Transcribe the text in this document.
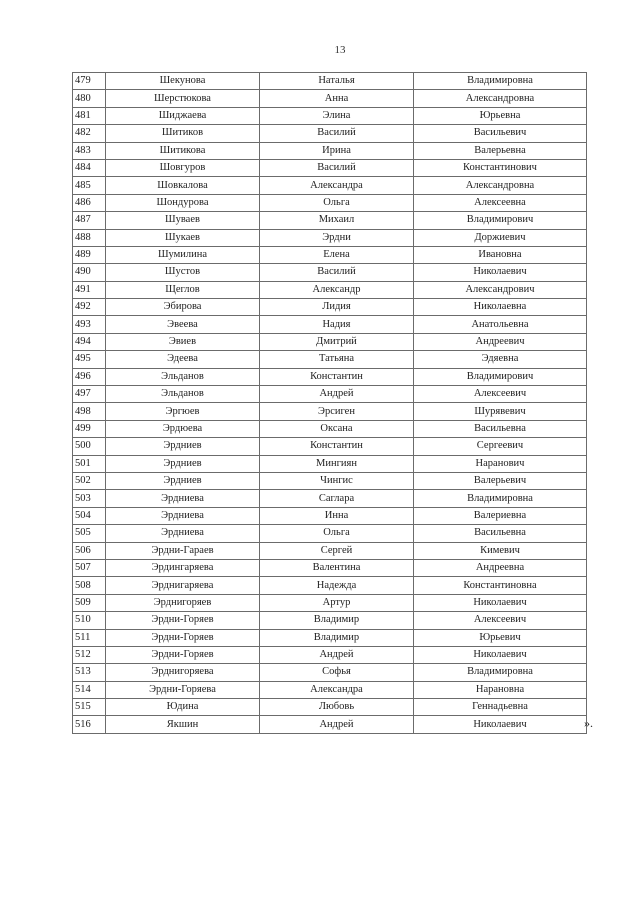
13
479	Шекунова	Наталья	Владимировна
480	Шерстюкова	Анна	Александровна
481	Шиджаева	Элина	Юрьевна
482	Шитиков	Василий	Васильевич
483	Шитикова	Ирина	Валерьевна
484	Шовгуров	Василий	Константинович
485	Шовкалова	Александра	Александровна
486	Шондурова	Ольга	Алексеевна
487	Шуваев	Михаил	Владимирович
488	Шукаев	Эрдни	Доржиевич
489	Шумилина	Елена	Ивановна
490	Шустов	Василий	Николаевич
491	Щеглов	Александр	Александрович
492	Эбирова	Лидия	Николаевна
493	Эвеева	Надия	Анатольевна
494	Эвиев	Дмитрий	Андреевич
495	Эдеева	Татьяна	Эдяевна
496	Эльданов	Константин	Владимирович
497	Эльданов	Андрей	Алексеевич
498	Эргюев	Эрсиген	Шурявевич
499	Эрдюева	Оксана	Васильевна
500	Эрдниев	Константин	Сергеевич
501	Эрдниев	Мингиян	Наранович
502	Эрдниев	Чингис	Валерьевич
503	Эрдниева	Саглара	Владимировна
504	Эрдниева	Инна	Валериевна
505	Эрдниева	Ольга	Васильевна
506	Эрдни-Гараев	Сергей	Кимевич
507	Эрдингаряева	Валентина	Андреевна
508	Эрднигаряева	Надежда	Константиновна
509	Эрднигоряев	Артур	Николаевич
510	Эрдни-Горяев	Владимир	Алексеевич
511	Эрдни-Горяев	Владимир	Юрьевич
512	Эрдни-Горяев	Андрей	Николаевич
513	Эрднигоряева	Софья	Владимировна
514	Эрдни-Горяева	Александра	Нарановна
515	Юдина	Любовь	Геннадьевна
516	Якшин	Андрей	Николаевич	».
